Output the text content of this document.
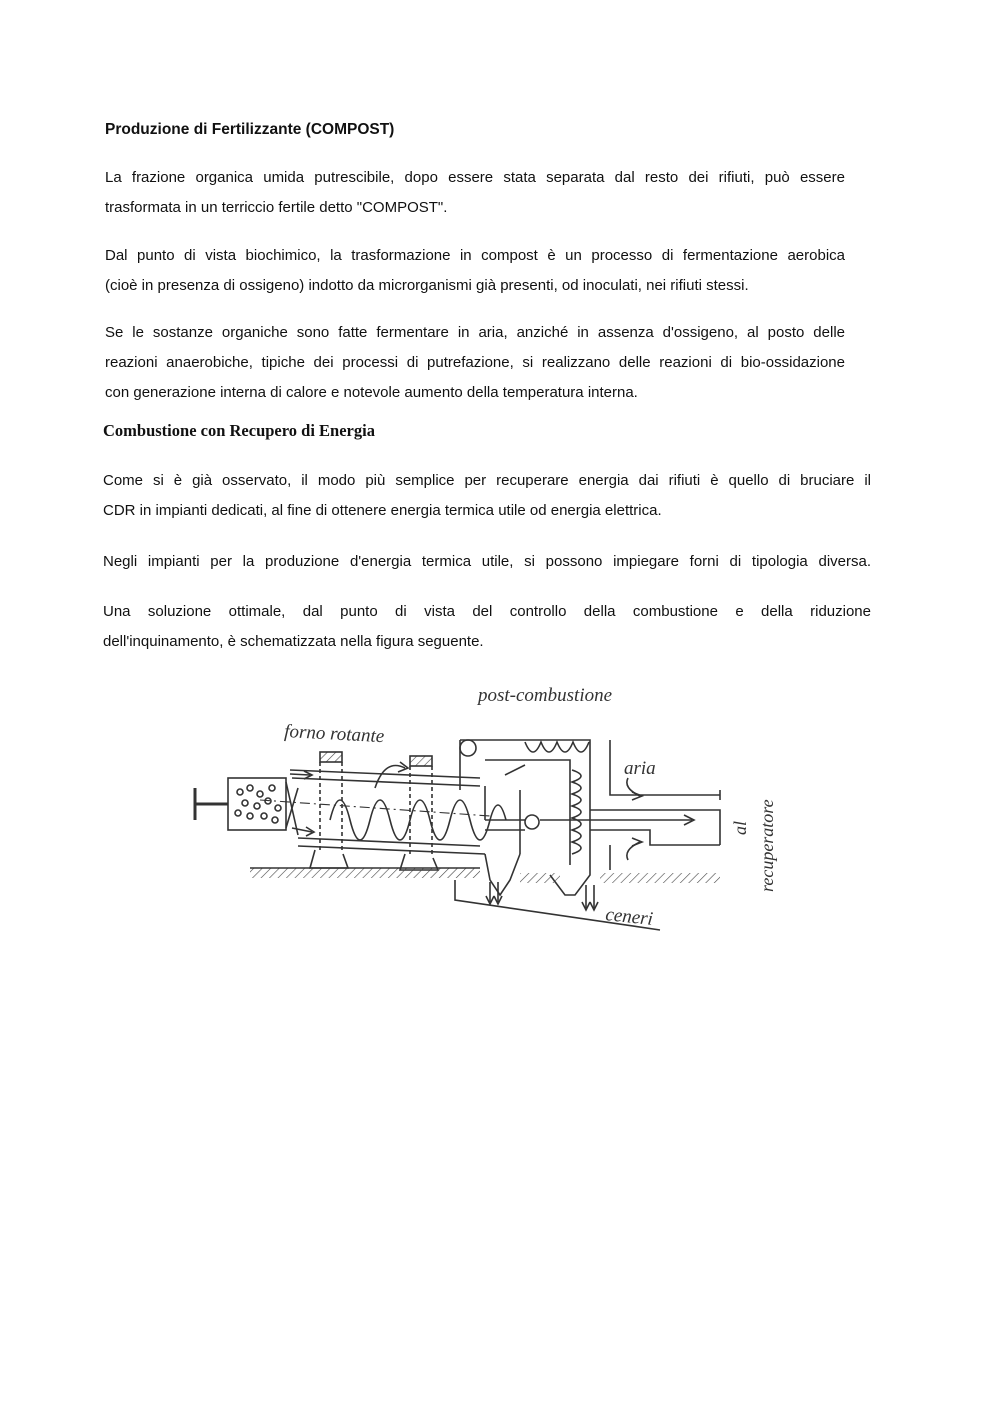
Produzione di Fertilizzante (COMPOST)
La frazione organica umida putrescibile, dopo essere stata separata dal resto dei rifiuti, può essere
trasformata in un terriccio fertile detto "COMPOST".
Dal punto di vista biochimico, la trasformazione in compost è un processo di fermentazione aerobica
(cioè in presenza di ossigeno) indotto da microrganismi già presenti, od inoculati, nei rifiuti stessi.
Se le sostanze organiche sono fatte fermentare in aria, anziché in assenza d'ossigeno, al posto delle
reazioni anaerobiche, tipiche dei processi di putrefazione, si realizzano delle reazioni di bio-ossidazione
con generazione interna di calore e notevole aumento della temperatura interna.
Combustione con Recupero di Energia
Come si è già osservato, il modo più semplice per recuperare energia dai rifiuti è quello di bruciare il
CDR in impianti dedicati, al fine di ottenere energia termica utile od energia elettrica.
Negli impianti per la produzione d'energia termica utile, si possono impiegare forni di tipologia diversa.
Una soluzione ottimale, dal punto di vista del controllo della combustione e della riduzione
dell'inquinamento, è schematizzata nella figura seguente.
post-combustione
forno rotante
aria
al recuperatore
ceneri
